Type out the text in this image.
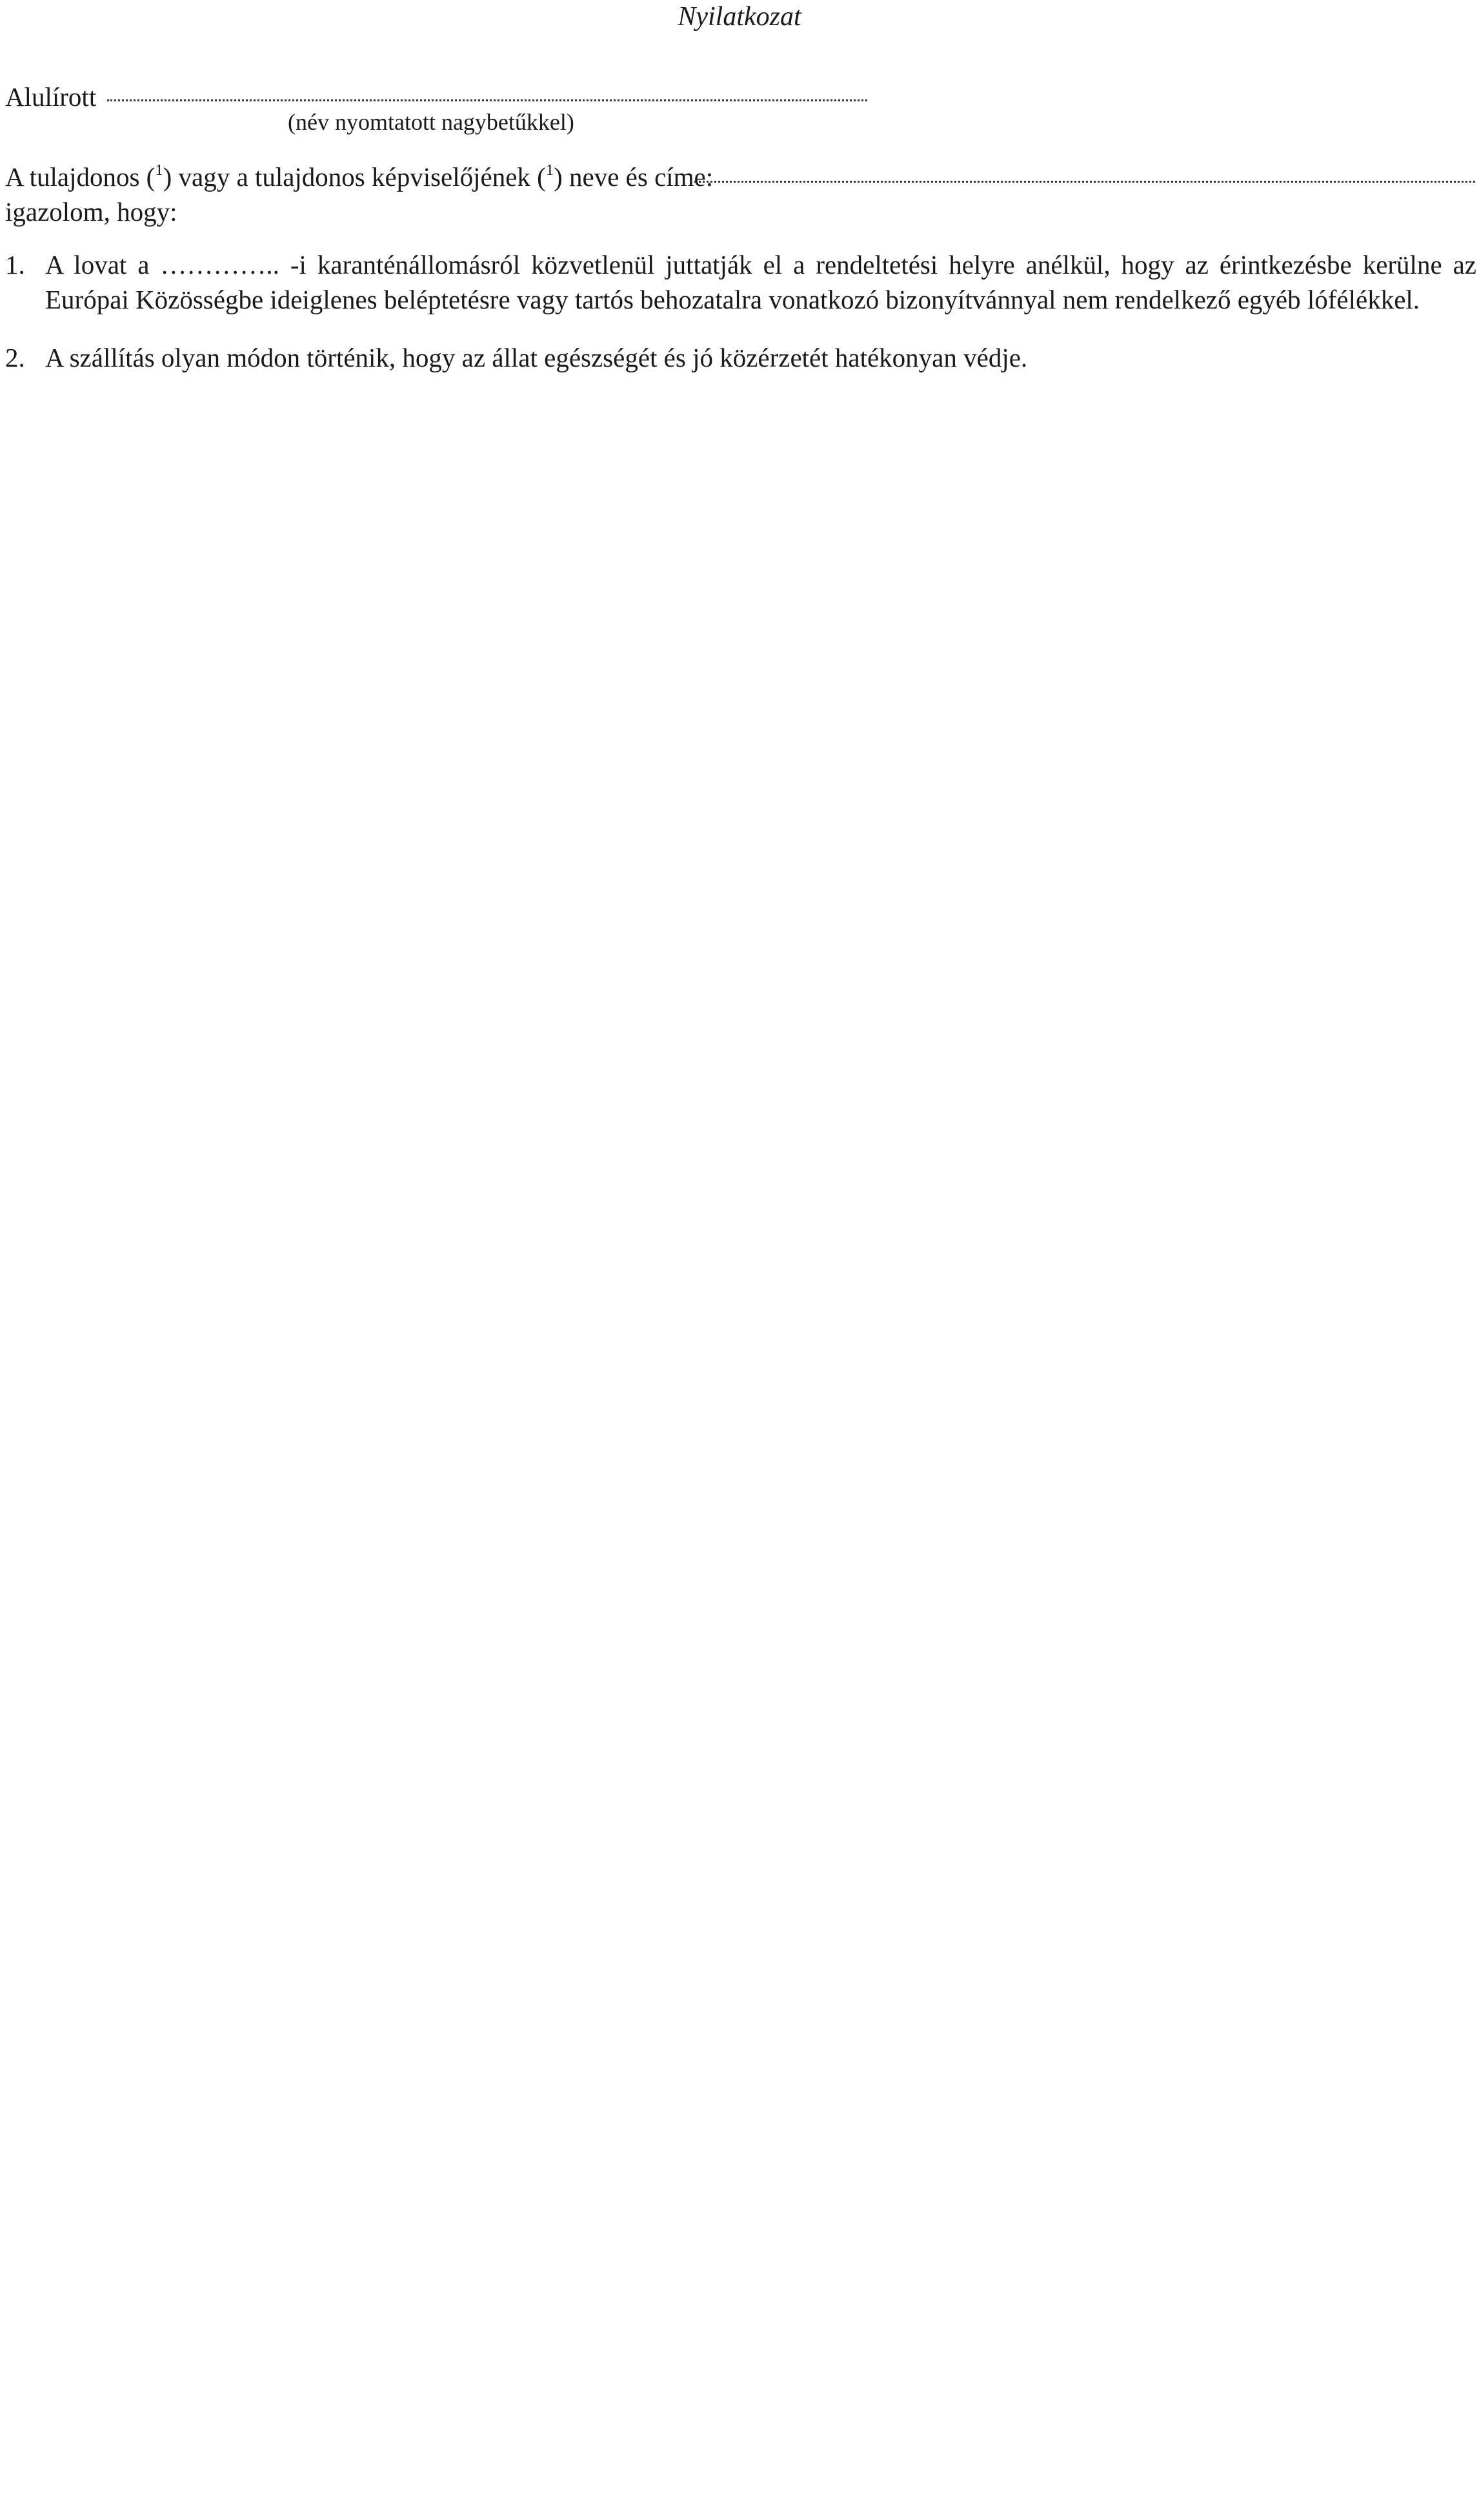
Nyilatkozat
Alulírott
(név nyomtatott nagybetűkkel)
A tulajdonos ($^1$) vagy a tulajdonos képviselőjének ($^1$) neve és címe:
igazolom, hogy:
1. A lovat a ………….. -i karanténállomásról közvetlenül juttatják el a rendeltetési helyre anélkül, hogy az érintkezésbe kerülne az
Európai Közösségbe ideiglenes beléptetésre vagy tartós behozatalra vonatkozó bizonyítvánnyal nem rendelkező egyéb lófélékkel.
2. A szállítás olyan módon történik, hogy az állat egészségét és jó közérzetét hatékonyan védje.
